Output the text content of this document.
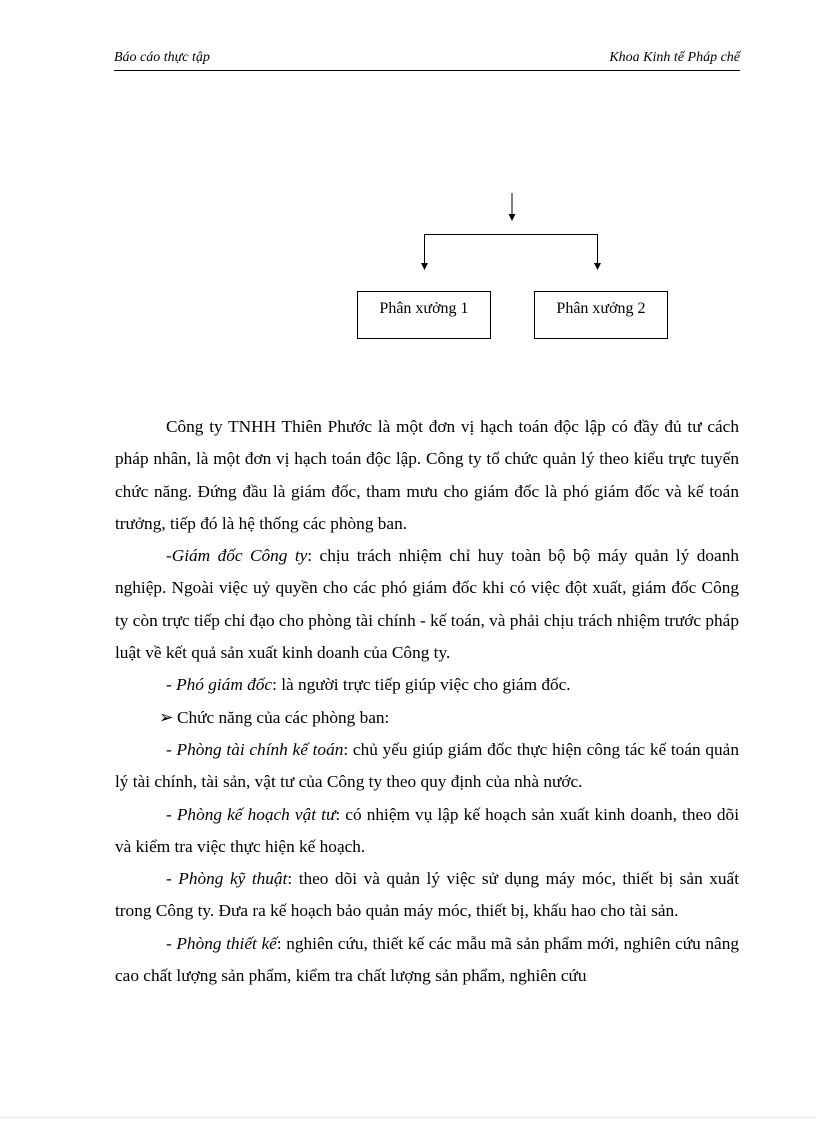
Báo cáo thực tập	Khoa Kinh tế Pháp chế
Phân xưởng 1	Phân xưởng 2

Công ty TNHH Thiên Phước là một đơn vị hạch toán độc lập có đầy đủ tư cách pháp nhân, là một đơn vị hạch toán độc lập. Công ty tổ chức quản lý theo kiểu trực tuyến chức năng. Đứng đầu là giám đốc, tham mưu cho giám đốc là phó giám đốc và kế toán trưởng, tiếp đó là hệ thống các phòng ban.

-Giám đốc Công ty: chịu trách nhiệm chỉ huy toàn bộ bộ máy quản lý doanh nghiệp. Ngoài việc uỷ quyền cho các phó giám đốc khi có việc đột xuất, giám đốc Công ty còn trực tiếp chỉ đạo cho phòng tài chính - kế toán, và phải chịu trách nhiệm trước pháp luật về kết quả sản xuất kinh doanh của Công ty.

- Phó giám đốc: là người trực tiếp giúp việc cho giám đốc.

➢ Chức năng của các phòng ban:

- Phòng tài chính kế toán: chủ yếu giúp giám đốc thực hiện công tác kế toán quản lý tài chính, tài sản, vật tư của Công ty theo quy định của nhà nước.

- Phòng kế hoạch vật tư: có nhiệm vụ lập kế hoạch sản xuất kinh doanh, theo dõi và kiểm tra việc thực hiện kế hoạch.

- Phòng kỹ thuật: theo dõi và quản lý việc sử dụng máy móc, thiết bị sản xuất trong Công ty. Đưa ra kế hoạch bảo quản máy móc, thiết bị, khấu hao cho tài sản.

- Phòng thiết kế: nghiên cứu, thiết kế các mẫu mã sản phẩm mới, nghiên cứu nâng cao chất lượng sản phẩm, kiểm tra chất lượng sản phẩm, nghiên cứu
